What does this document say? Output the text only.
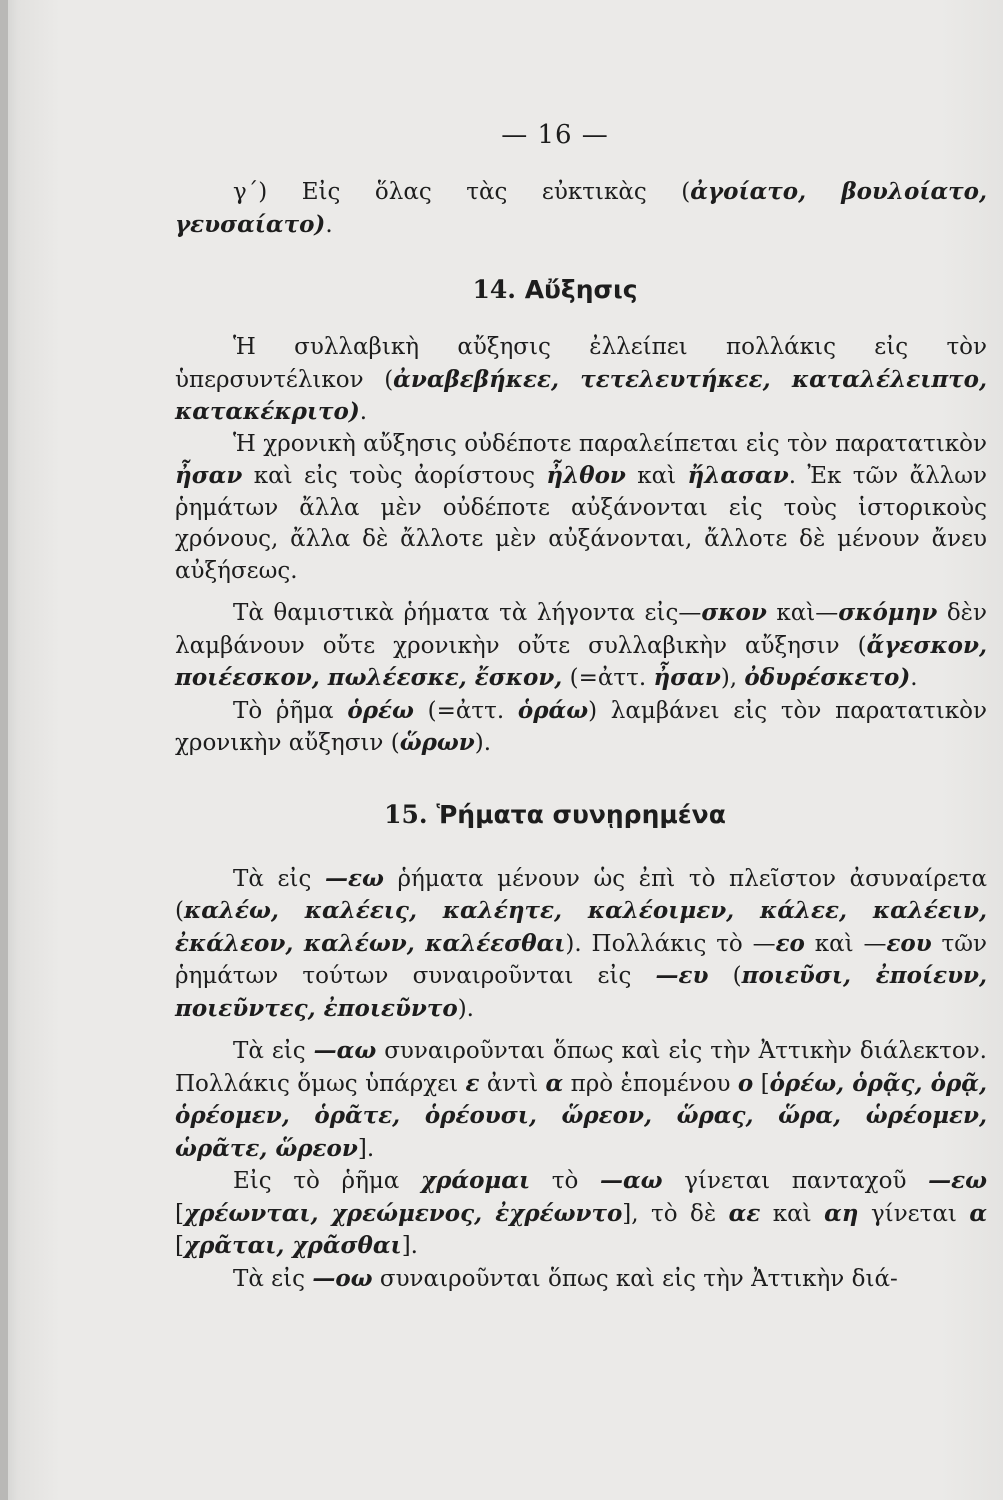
— 16 —

γ΄) Εἰς ὅλας τὰς εὐκτικὰς (ἀγοίατο, βουλοίατο, γευσαίατο).

14. Αὔξησις

Ἡ συλλαβικὴ αὔξησις ἐλλείπει πολλάκις εἰς τὸν ὑπερσυντέλικον (ἀναβεβήκεε, τετελευτήκεε, καταλέλειπτο, κατακέκριτο).

Ἡ χρονικὴ αὔξησις οὐδέποτε παραλείπεται εἰς τὸν παρατατικὸν ἦσαν καὶ εἰς τοὺς ἀορίστους ἦλθον καὶ ἤλασαν. Ἐκ τῶν ἄλλων ῥημάτων ἄλλα μὲν οὐδέποτε αὐξάνονται εἰς τοὺς ἱστορικοὺς χρόνους, ἄλλα δὲ ἄλλοτε μὲν αὐξάνονται, ἄλλοτε δὲ μένουν ἄνευ αὐξήσεως.

Τὰ θαμιστικὰ ῥήματα τὰ λήγοντα εἰς—σκον καὶ—σκόμην δὲν λαμβάνουν οὔτε χρονικὴν οὔτε συλλαβικὴν αὔξησιν (ἄγεσκον, ποιέεσκον, πωλέεσκε, ἔσκον, (=ἀττ. ἦσαν), ὀδυρέσκετο).

Τὸ ῥῆμα ὁρέω (=ἀττ. ὁράω) λαμβάνει εἰς τὸν παρατατικὸν χρονικὴν αὔξησιν (ὥρων).

15. Ῥήματα συνῃρημένα

Τὰ εἰς —εω ῥήματα μένουν ὡς ἐπὶ τὸ πλεῖστον ἀσυναίρετα (καλέω, καλέεις, καλέητε, καλέοιμεν, κάλεε, καλέειν, ἐκάλεον, καλέων, καλέεσθαι). Πολλάκις τὸ —εο καὶ —εου τῶν ῥημάτων τούτων συναιροῦνται εἰς —ευ (ποιεῦσι, ἐποίευν, ποιεῦντες, ἐποιεῦντο).

Τὰ εἰς —αω συναιροῦνται ὅπως καὶ εἰς τὴν Ἀττικὴν διάλεκτον. Πολλάκις ὅμως ὑπάρχει ε ἀντὶ α πρὸ ἑπομένου ο [ὁρέω, ὁρᾷς, ὁρᾷ, ὁρέομεν, ὁρᾶτε, ὁρέουσι, ὥρεον, ὥρας, ὥρα, ὡρέομεν, ὡρᾶτε, ὥρεον].

Εἰς τὸ ῥῆμα χράομαι τὸ —αω γίνεται πανταχοῦ —εω [χρέωνται, χρεώμενος, ἐχρέωντο], τὸ δὲ αε καὶ αη γίνεται α [χρᾶται, χρᾶσθαι].

Τὰ εἰς —οω συναιροῦνται ὅπως καὶ εἰς τὴν Ἀττικὴν διά-
